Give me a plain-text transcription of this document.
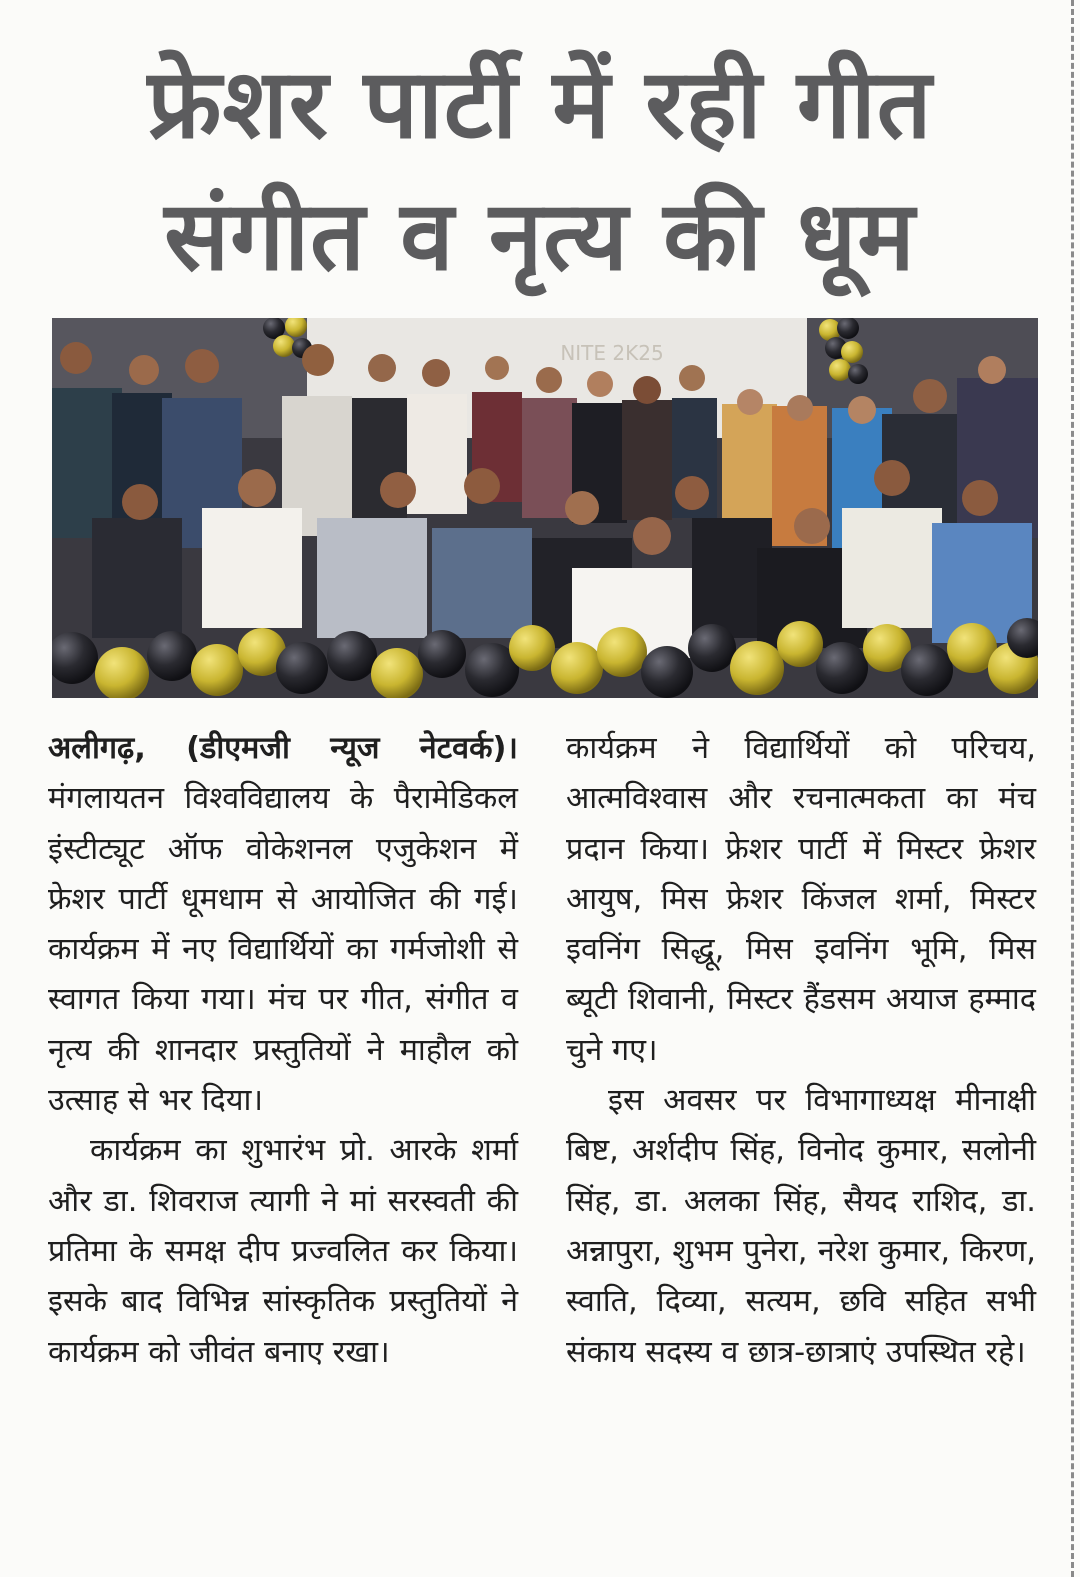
फ्रेशर पार्टी में रही गीत
संगीत व नृत्य की धूम
NITE 2K25

अलीगढ़, (डीएमजी न्यूज नेटवर्क)। मंगलायतन विश्वविद्यालय के पैरामेडिकल इंस्टीट्यूट ऑफ वोकेशनल एजुकेशन में फ्रेशर पार्टी धूमधाम से आयोजित की गई। कार्यक्रम में नए विद्यार्थियों का गर्मजोशी से स्वागत किया गया। मंच पर गीत, संगीत व नृत्य की शानदार प्रस्तुतियों ने माहौल को उत्साह से भर दिया।

कार्यक्रम का शुभारंभ प्रो. आरके शर्मा और डा. शिवराज त्यागी ने मां सरस्वती की प्रतिमा के समक्ष दीप प्रज्वलित कर किया। इसके बाद विभिन्न सांस्कृतिक प्रस्तुतियों ने कार्यक्रम को जीवंत बनाए रखा।

कार्यक्रम ने विद्यार्थियों को परिचय, आत्मविश्वास और रचनात्मकता का मंच प्रदान किया। फ्रेशर पार्टी में मिस्टर फ्रेशर आयुष, मिस फ्रेशर किंजल शर्मा, मिस्टर इवनिंग सिद्धू, मिस इवनिंग भूमि, मिस ब्यूटी शिवानी, मिस्टर हैंडसम अयाज हम्माद चुने गए।

इस अवसर पर विभागाध्यक्ष मीनाक्षी बिष्ट, अर्शदीप सिंह, विनोद कुमार, सलोनी सिंह, डा. अलका सिंह, सैयद राशिद, डा. अन्नापुरा, शुभम पुनेरा, नरेश कुमार, किरण, स्वाति, दिव्या, सत्यम, छवि सहित सभी संकाय सदस्य व छात्र-छात्राएं उपस्थित रहे।
